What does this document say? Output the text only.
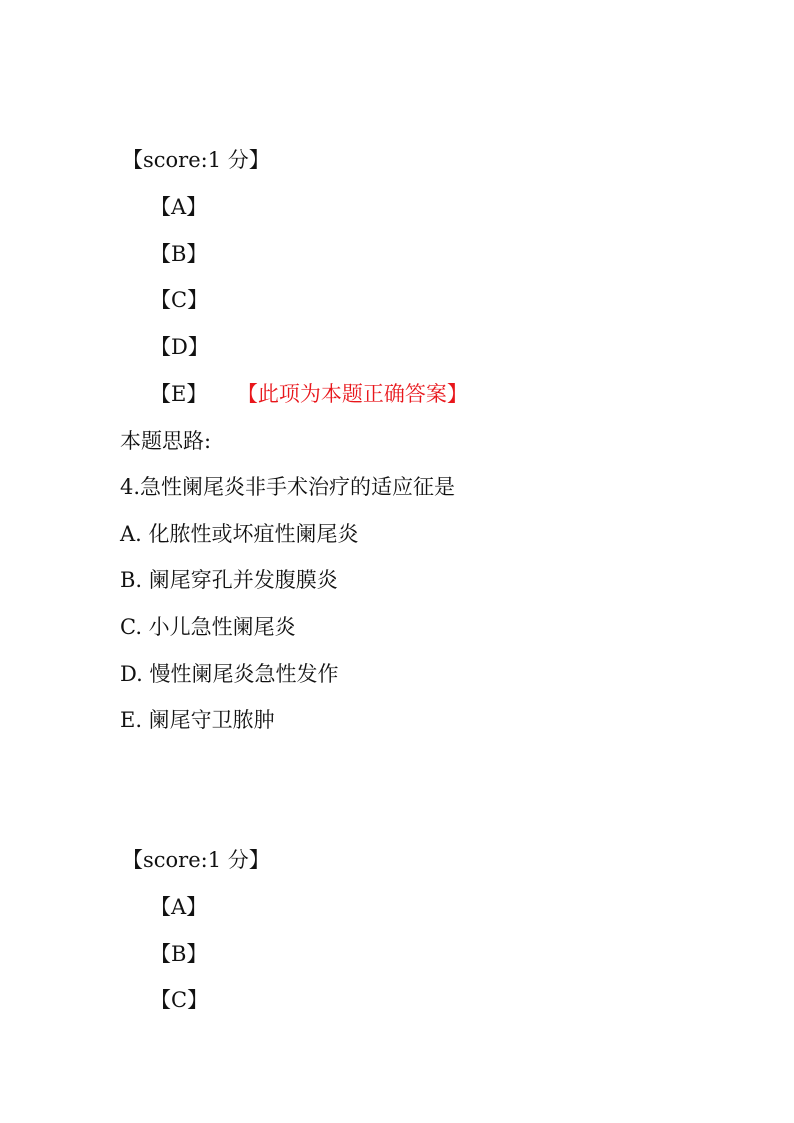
【score:1 分】
【A】
【B】
【C】
【D】
【E】 【此项为本题正确答案】
本题思路:
4.急性阑尾炎非手术治疗的适应征是
A. 化脓性或坏疽性阑尾炎
B. 阑尾穿孔并发腹膜炎
C. 小儿急性阑尾炎
D. 慢性阑尾炎急性发作
E. 阑尾守卫脓肿
【score:1 分】
【A】
【B】
【C】
